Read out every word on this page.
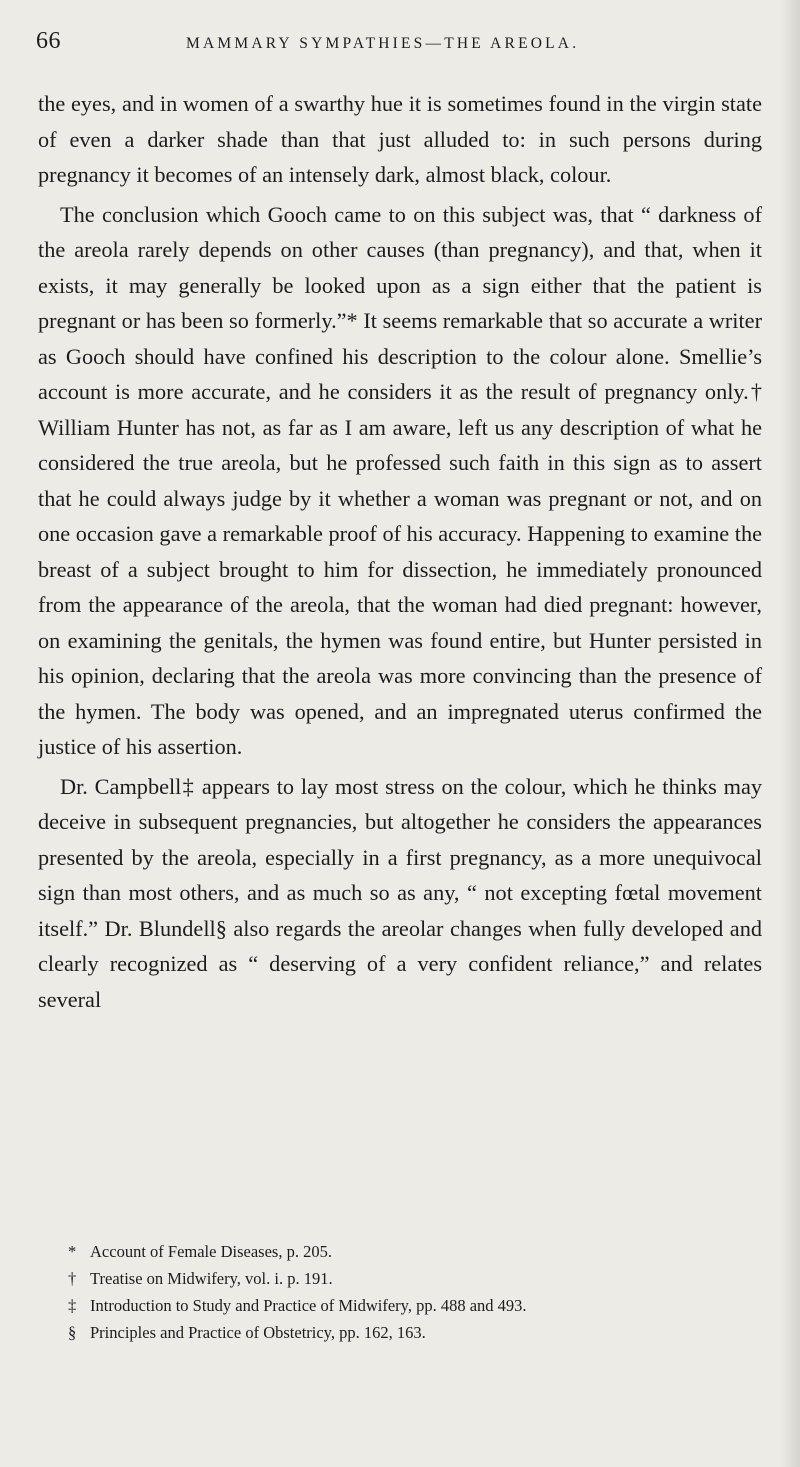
66	MAMMARY SYMPATHIES—THE AREOLA.

the eyes, and in women of a swarthy hue it is sometimes found in the virgin state of even a darker shade than that just alluded to: in such persons during pregnancy it becomes of an intensely dark, almost black, colour.

The conclusion which Gooch came to on this subject was, that “ darkness of the areola rarely depends on other causes (than pregnancy), and that, when it exists, it may generally be looked upon as a sign either that the patient is pregnant or has been so formerly.”* It seems remarkable that so accurate a writer as Gooch should have confined his description to the colour alone. Smellie’s account is more accurate, and he considers it as the result of pregnancy only.† William Hunter has not, as far as I am aware, left us any description of what he considered the true areola, but he professed such faith in this sign as to assert that he could always judge by it whether a woman was pregnant or not, and on one occasion gave a remarkable proof of his accuracy. Happening to examine the breast of a subject brought to him for dissection, he immediately pronounced from the appearance of the areola, that the woman had died pregnant: however, on examining the genitals, the hymen was found entire, but Hunter persisted in his opinion, declaring that the areola was more convincing than the presence of the hymen. The body was opened, and an impregnated uterus confirmed the justice of his assertion.

Dr. Campbell‡ appears to lay most stress on the colour, which he thinks may deceive in subsequent pregnancies, but altogether he considers the appearances presented by the areola, especially in a first pregnancy, as a more unequivocal sign than most others, and as much so as any, “ not excepting fœtal movement itself.” Dr. Blundell§ also regards the areolar changes when fully developed and clearly recognized as “ deserving of a very confident reliance,” and relates several

* Account of Female Diseases, p. 205.
† Treatise on Midwifery, vol. i. p. 191.
‡ Introduction to Study and Practice of Midwifery, pp. 488 and 493.
§ Principles and Practice of Obstetricy, pp. 162, 163.
